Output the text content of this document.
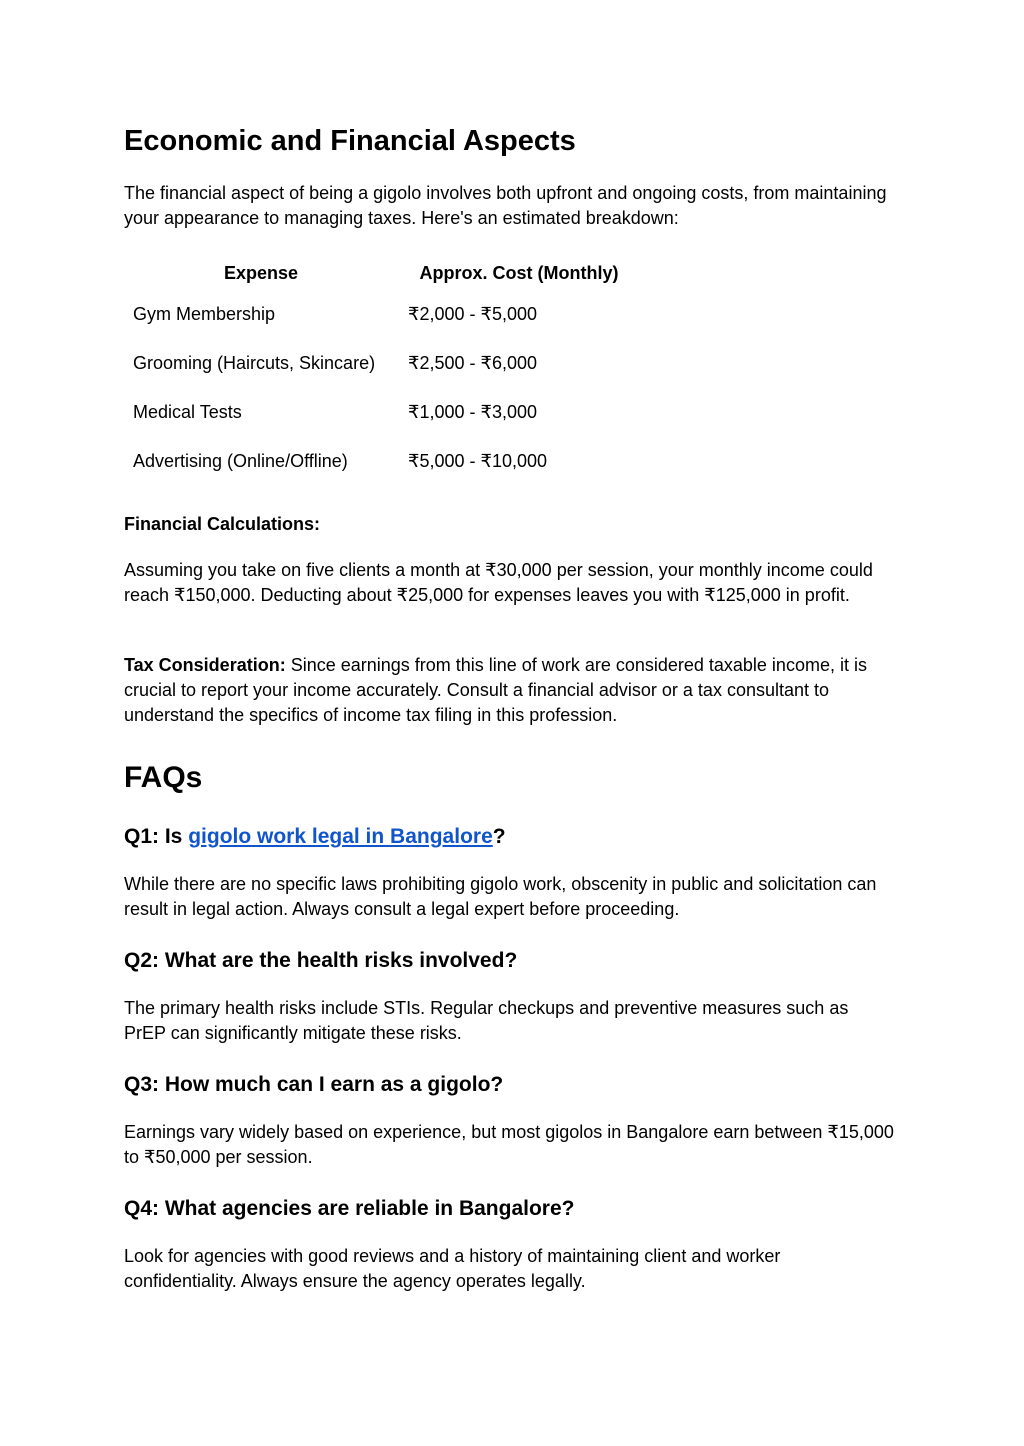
Economic and Financial Aspects

The financial aspect of being a gigolo involves both upfront and ongoing costs, from maintaining your appearance to managing taxes. Here's an estimated breakdown:

Expense	Approx. Cost (Monthly)
Gym Membership	₹2,000 - ₹5,000
Grooming (Haircuts, Skincare)	₹2,500 - ₹6,000
Medical Tests	₹1,000 - ₹3,000
Advertising (Online/Offline)	₹5,000 - ₹10,000

Financial Calculations:

Assuming you take on five clients a month at ₹30,000 per session, your monthly income could reach ₹150,000. Deducting about ₹25,000 for expenses leaves you with ₹125,000 in profit.

Tax Consideration: Since earnings from this line of work are considered taxable income, it is crucial to report your income accurately. Consult a financial advisor or a tax consultant to understand the specifics of income tax filing in this profession.

FAQs
Q1: Is gigolo work legal in Bangalore?

While there are no specific laws prohibiting gigolo work, obscenity in public and solicitation can result in legal action. Always consult a legal expert before proceeding.

Q2: What are the health risks involved?

The primary health risks include STIs. Regular checkups and preventive measures such as PrEP can significantly mitigate these risks.

Q3: How much can I earn as a gigolo?

Earnings vary widely based on experience, but most gigolos in Bangalore earn between ₹15,000 to ₹50,000 per session.

Q4: What agencies are reliable in Bangalore?

Look for agencies with good reviews and a history of maintaining client and worker confidentiality. Always ensure the agency operates legally.
